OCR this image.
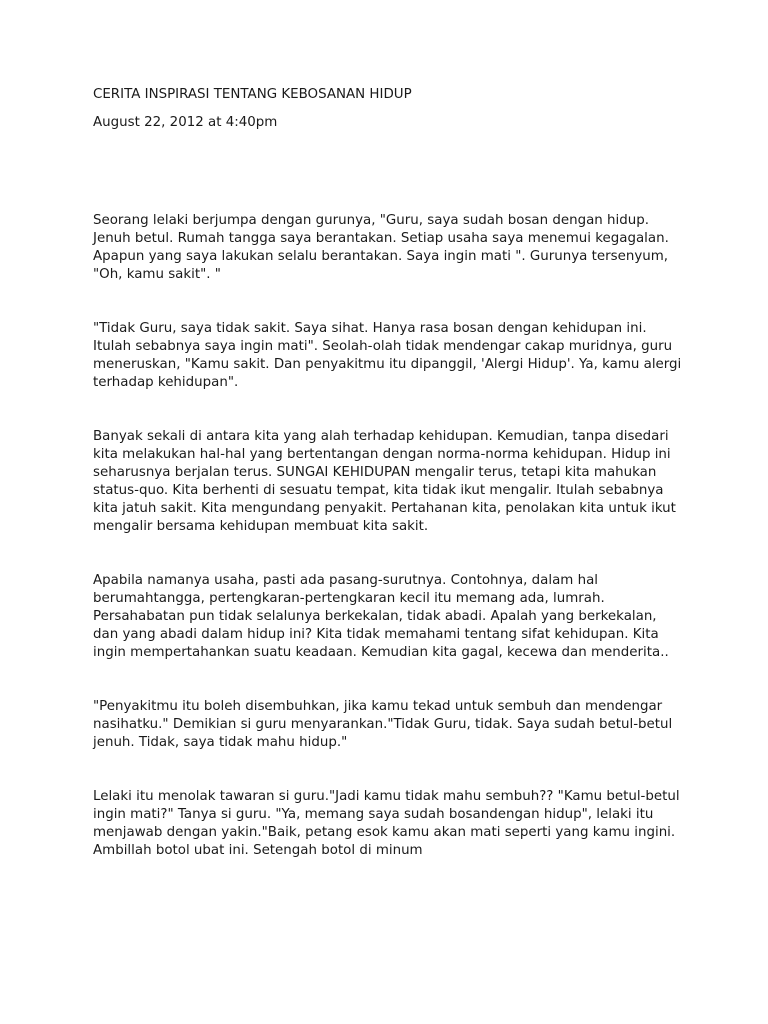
CERITA INSPIRASI TENTANG KEBOSANAN HIDUP

August 22, 2012 at 4:40pm

Seorang lelaki berjumpa dengan gurunya, "Guru, saya sudah bosan dengan hidup. Jenuh betul. Rumah tangga saya berantakan. Setiap usaha saya menemui kegagalan. Apapun yang saya lakukan selalu berantakan. Saya ingin mati ". Gurunya tersenyum, "Oh, kamu sakit". "

"Tidak Guru, saya tidak sakit. Saya sihat. Hanya rasa bosan dengan kehidupan ini. Itulah sebabnya saya ingin mati". Seolah-olah tidak mendengar cakap muridnya, guru meneruskan, "Kamu sakit. Dan penyakitmu itu dipanggil, 'Alergi Hidup'. Ya, kamu alergi terhadap kehidupan".

Banyak sekali di antara kita yang alah terhadap kehidupan. Kemudian, tanpa disedari kita melakukan hal-hal yang bertentangan dengan norma-norma kehidupan. Hidup ini seharusnya berjalan terus. SUNGAI KEHIDUPAN mengalir terus, tetapi kita mahukan status-quo. Kita berhenti di sesuatu tempat, kita tidak ikut mengalir. Itulah sebabnya kita jatuh sakit. Kita mengundang penyakit. Pertahanan kita, penolakan kita untuk ikut mengalir bersama kehidupan membuat kita sakit.

Apabila namanya usaha, pasti ada pasang-surutnya. Contohnya, dalam hal berumahtangga, pertengkaran-pertengkaran kecil itu memang ada, lumrah. Persahabatan pun tidak selalunya berkekalan, tidak abadi. Apalah yang berkekalan, dan yang abadi dalam hidup ini? Kita tidak memahami tentang sifat kehidupan. Kita ingin mempertahankan suatu keadaan. Kemudian kita gagal, kecewa dan menderita..

"Penyakitmu itu boleh disembuhkan, jika kamu tekad untuk sembuh dan mendengar nasihatku." Demikian si guru menyarankan."Tidak Guru, tidak. Saya sudah betul-betul jenuh. Tidak, saya tidak mahu hidup."

Lelaki itu menolak tawaran si guru."Jadi kamu tidak mahu sembuh?? "Kamu betul-betul ingin mati?" Tanya si guru. "Ya, memang saya sudah bosandengan hidup", lelaki itu menjawab dengan yakin."Baik, petang esok kamu akan mati seperti yang kamu ingini. Ambillah botol ubat ini. Setengah botol di minum
